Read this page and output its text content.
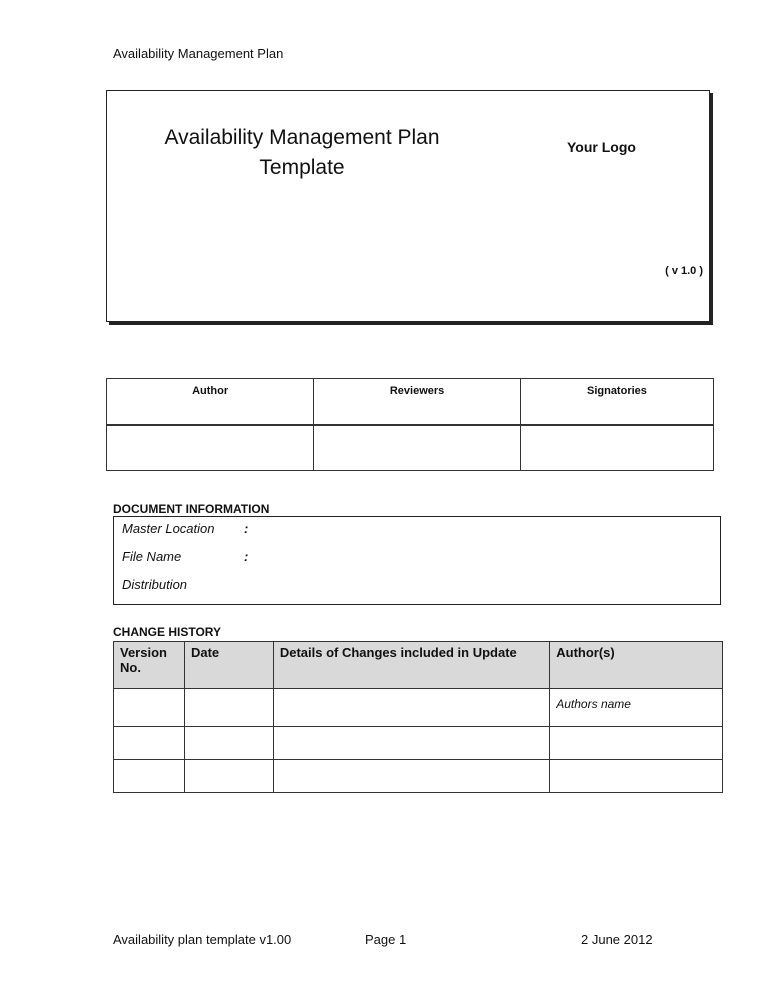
Availability Management Plan
Availability Management Plan
Template
Your Logo
( v 1.0 )
Author	Reviewers	Signatories

DOCUMENT INFORMATION
Master Location :
File Name	:
Distribution
CHANGE HISTORY
Version No.	Date	Details of Changes included in Update	Author(s)
			Authors name

Availability plan template v1.00	Page 1	2 June 2012
